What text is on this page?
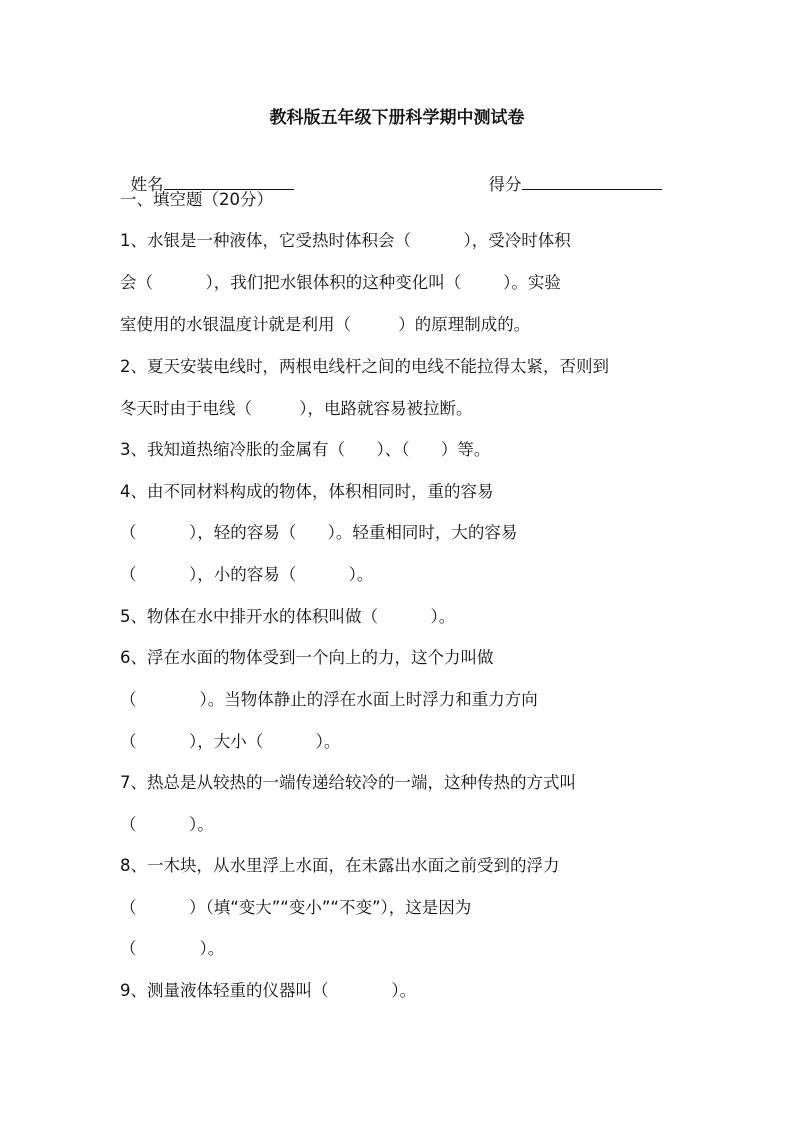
教科版五年级下册科学期中测试卷

姓名	得分

一、填空题（20分）
1、水银是一种液体，它受热时体积会（          ），受冷时体积
会（          ），我们把水银体积的这种变化叫（        ）。实验
室使用的水银温度计就是利用（         ）的原理制成的。
2、夏天安装电线时，两根电线杆之间的电线不能拉得太紧，否则到
冬天时由于电线（         ），电路就容易被拉断。
3、我知道热缩冷胀的金属有（      ）、（      ）等。
4、由不同材料构成的物体，体积相同时，重的容易
（          ），轻的容易（      ）。轻重相同时，大的容易
（          ），小的容易（          ）。
5、物体在水中排开水的体积叫做（          ）。
6、浮在水面的物体受到一个向上的力，这个力叫做
（            ）。当物体静止的浮在水面上时浮力和重力方向
（          ），大小（          ）。
7、热总是从较热的一端传递给较冷的一端，这种传热的方式叫
（          ）。
8、一木块，从水里浮上水面，在未露出水面之前受到的浮力
（          ）（填“变大”“变小”“不变”），这是因为
（            ）。
9、测量液体轻重的仪器叫（            ）。
